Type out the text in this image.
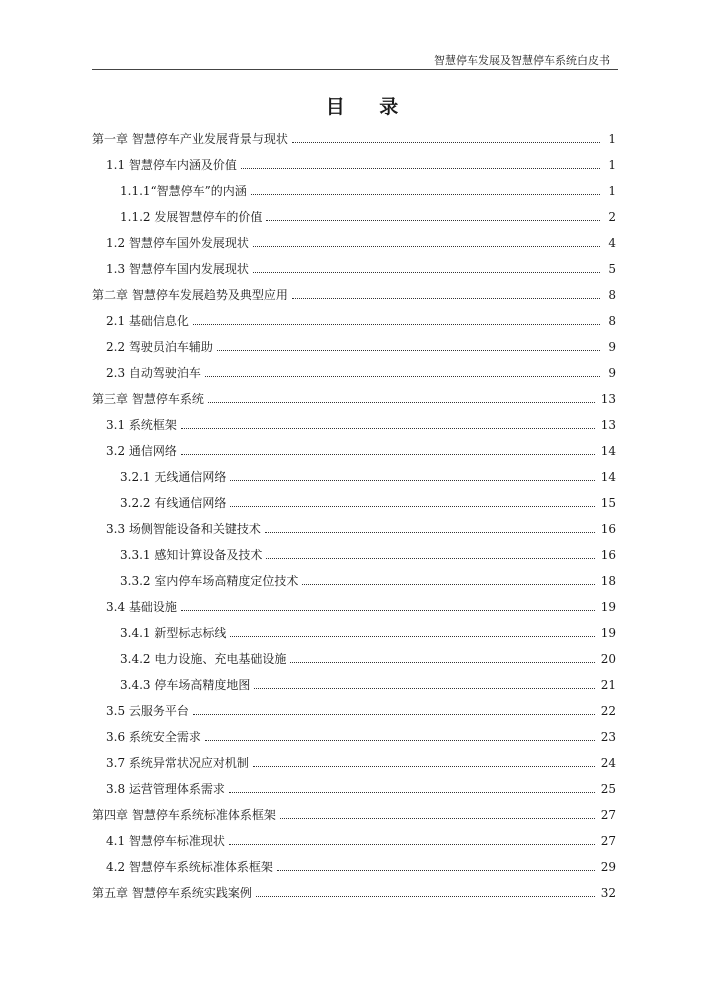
智慧停车发展及智慧停车系统白皮书
目 录
第一章 智慧停车产业发展背景与现状	1
1.1 智慧停车内涵及价值	1
1.1.1“智慧停车”的内涵	1
1.1.2 发展智慧停车的价值	2
1.2 智慧停车国外发展现状	4
1.3 智慧停车国内发展现状	5
第二章 智慧停车发展趋势及典型应用	8
2.1 基础信息化	8
2.2 驾驶员泊车辅助	9
2.3 自动驾驶泊车	9
第三章 智慧停车系统	13
3.1 系统框架	13
3.2 通信网络	14
3.2.1 无线通信网络	14
3.2.2 有线通信网络	15
3.3 场侧智能设备和关键技术	16
3.3.1 感知计算设备及技术	16
3.3.2 室内停车场高精度定位技术	18
3.4 基础设施	19
3.4.1 新型标志标线	19
3.4.2 电力设施、充电基础设施	20
3.4.3 停车场高精度地图	21
3.5 云服务平台	22
3.6 系统安全需求	23
3.7 系统异常状况应对机制	24
3.8 运营管理体系需求	25
第四章 智慧停车系统标准体系框架	27
4.1 智慧停车标准现状	27
4.2 智慧停车系统标准体系框架	29
第五章 智慧停车系统实践案例	32
